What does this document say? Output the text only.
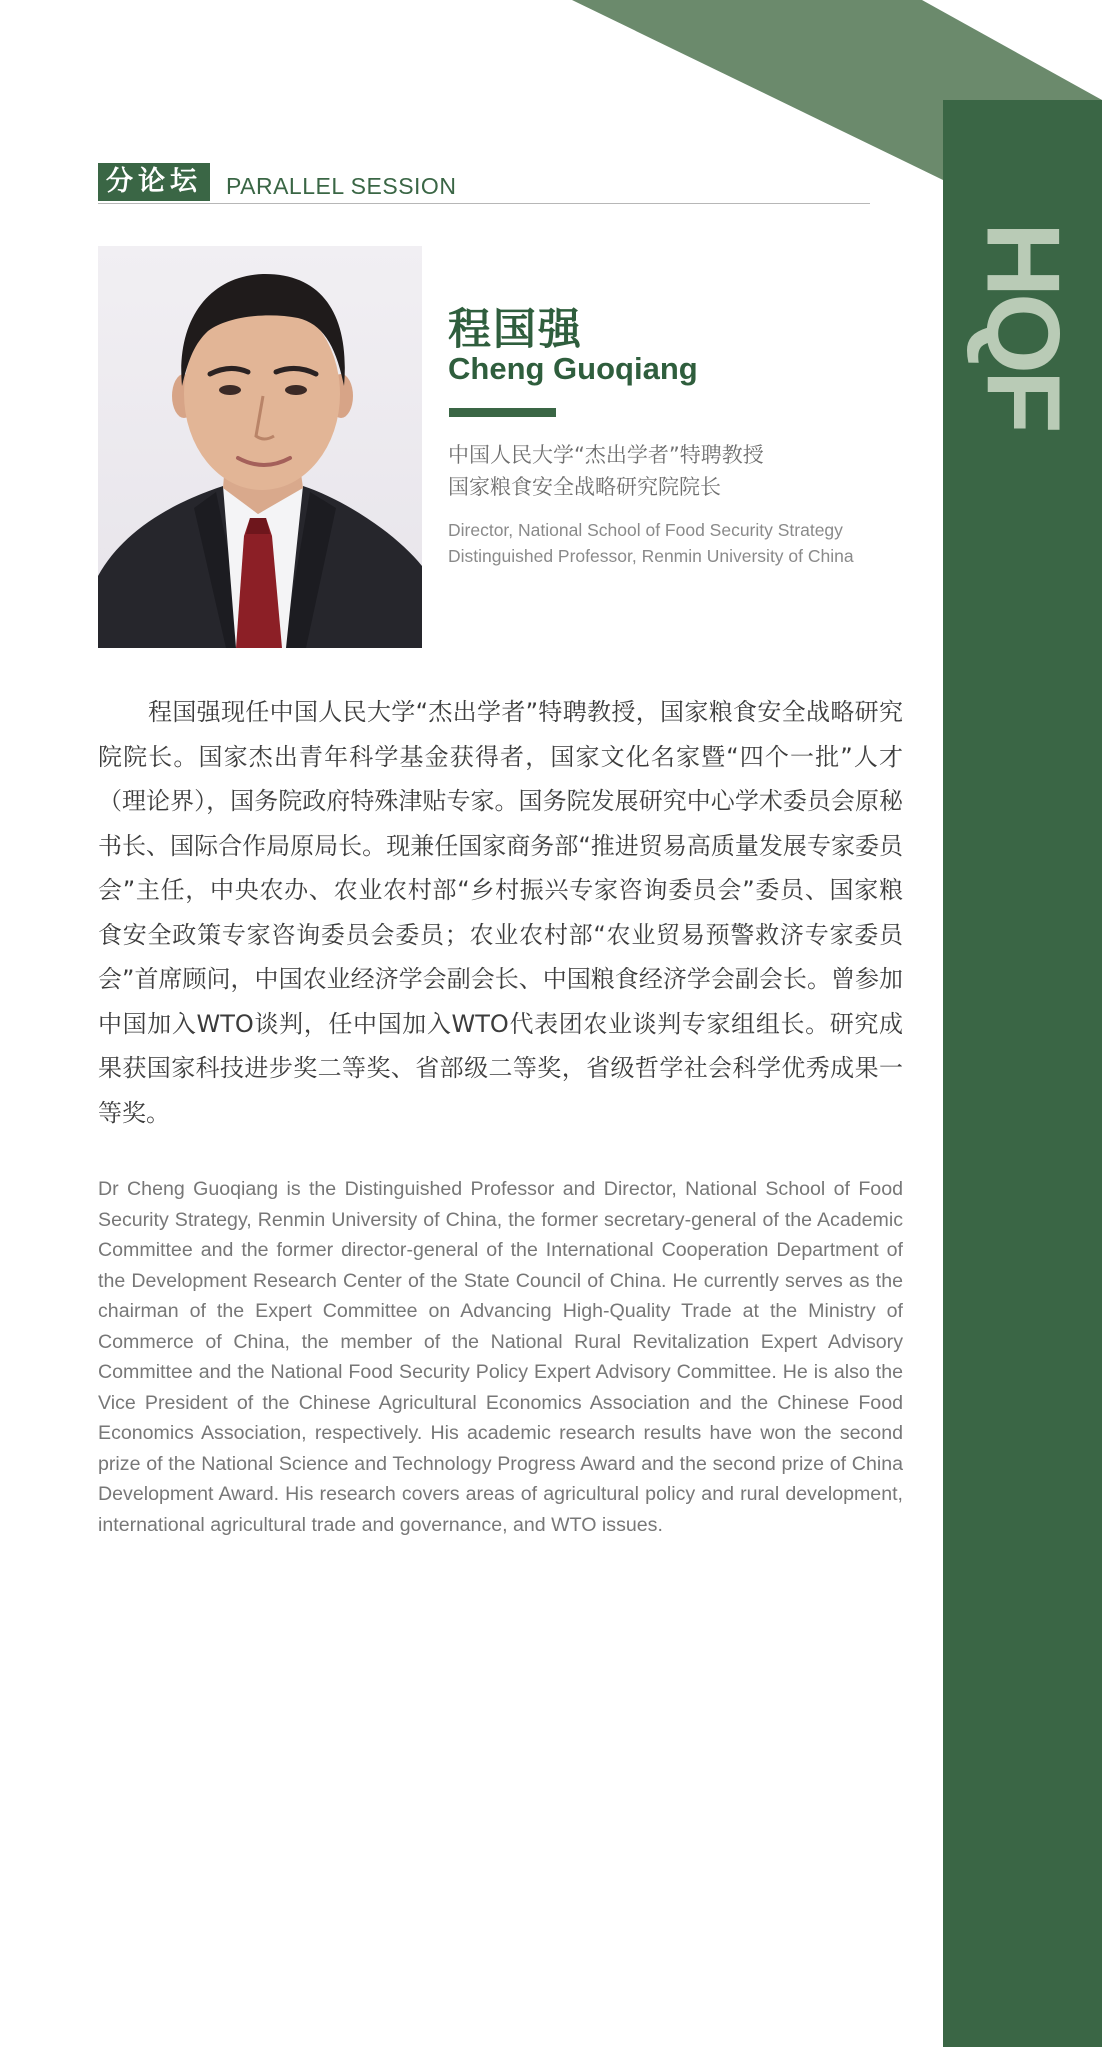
HQF
分论坛	PARALLEL SESSION
程国强
Cheng Guoqiang
中国人民大学“杰出学者”特聘教授
国家粮食安全战略研究院院长
Director, National School of Food Security Strategy
Distinguished Professor, Renmin University of China

程国强现任中国人民大学“杰出学者”特聘教授，国家粮食安全战略研究院院长。国家杰出青年科学基金获得者，国家文化名家暨“四个一批”人才（理论界），国务院政府特殊津贴专家。国务院发展研究中心学术委员会原秘书长、国际合作局原局长。现兼任国家商务部“推进贸易高质量发展专家委员会”主任，中央农办、农业农村部“乡村振兴专家咨询委员会”委员、国家粮食安全政策专家咨询委员会委员；农业农村部“农业贸易预警救济专家委员会”首席顾问，中国农业经济学会副会长、中国粮食经济学会副会长。曾参加中国加入WTO谈判，任中国加入WTO代表团农业谈判专家组组长。研究成果获国家科技进步奖二等奖、省部级二等奖，省级哲学社会科学优秀成果一等奖。

Dr Cheng Guoqiang is the Distinguished Professor and Director, National School of Food Security Strategy, Renmin University of China, the former secretary-general of the Academic Committee and the former director-general of the International Cooperation Department of the Development Research Center of the State Council of China. He currently serves as the chairman of the Expert Committee on Advancing High-Quality Trade at the Ministry of Commerce of China, the member of the National Rural Revitalization Expert Advisory Committee and the National Food Security Policy Expert Advisory Committee. He is also the Vice President of the Chinese Agricultural Economics Association and the Chinese Food Economics Association, respectively. His academic research results have won the second prize of the National Science and Technology Progress Award and the second prize of China Development Award. His research covers areas of agricultural policy and rural development, international agricultural trade and governance, and WTO issues.
